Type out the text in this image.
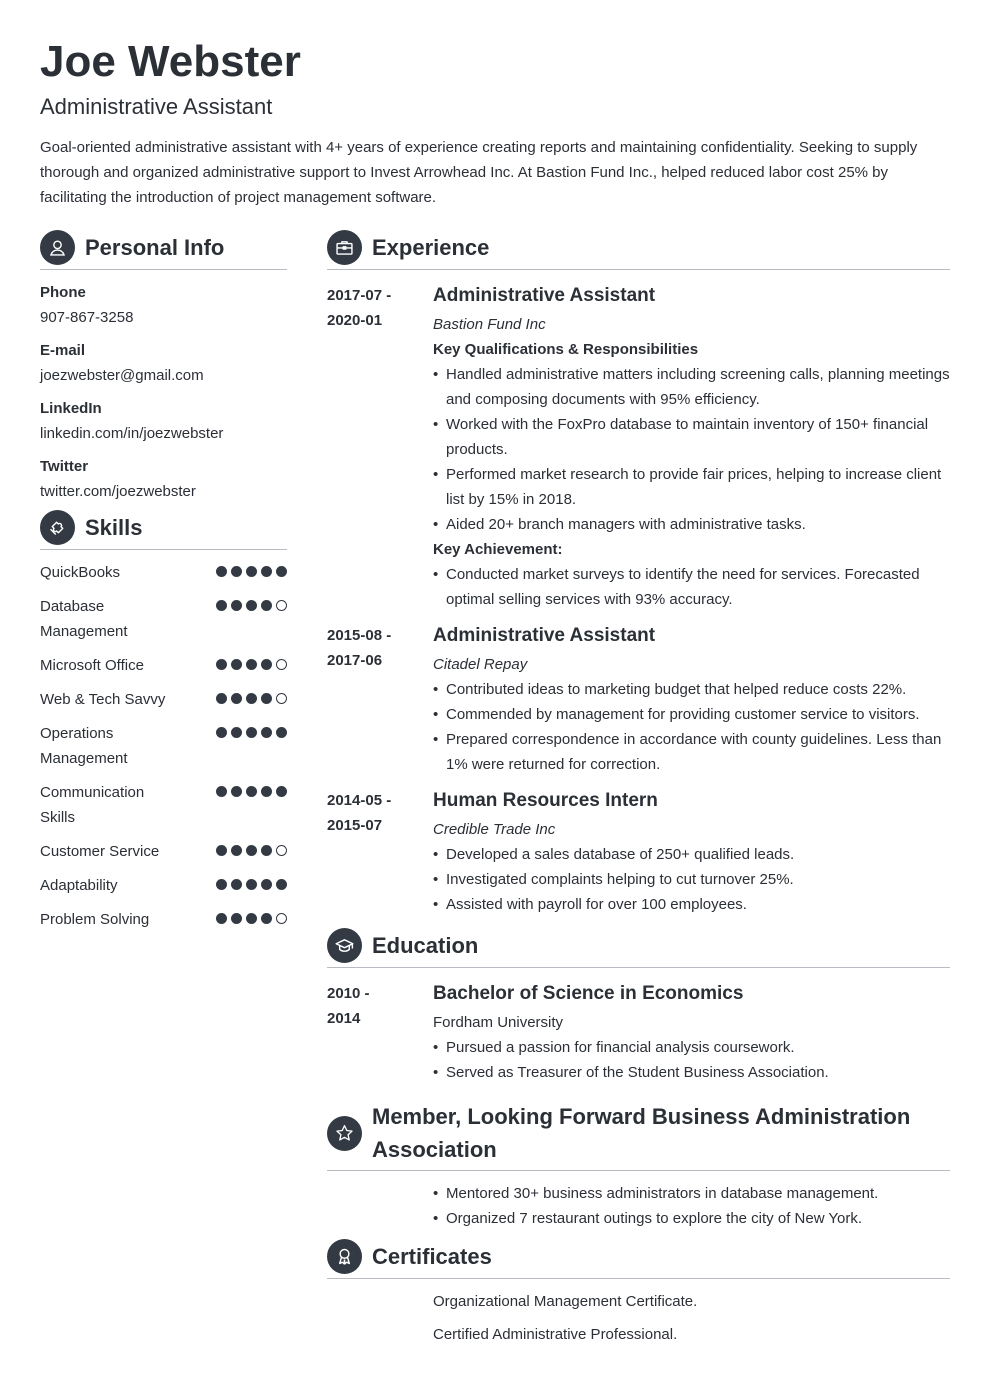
Joe Webster
Administrative Assistant

Goal-oriented administrative assistant with 4+ years of experience creating reports and maintaining confidentiality. Seeking to supply thorough and organized administrative support to Invest Arrowhead Inc. At Bastion Fund Inc., helped reduced labor cost 25% by facilitating the introduction of project management software.

Personal Info

Phone

907-867-3258

E-mail

joezwebster@gmail.com

LinkedIn

linkedin.com/in/joezwebster

Twitter

twitter.com/joezwebster

Skills
QuickBooks
Database Management
Microsoft Office
Web & Tech Savvy
Operations Management
Communication Skills
Customer Service
Adaptability
Problem Solving
Experience
2017-07 -
2020-01
Administrative Assistant
Bastion Fund Inc
Key Qualifications & Responsibilities
• Handled administrative matters including screening calls, planning meetings and composing documents with 95% efficiency.
• Worked with the FoxPro database to maintain inventory of 150+ financial products.
• Performed market research to provide fair prices, helping to increase client list by 15% in 2018.
• Aided 20+ branch managers with administrative tasks.
Key Achievement:
• Conducted market surveys to identify the need for services. Forecasted optimal selling services with 93% accuracy.
2015-08 -
2017-06
Administrative Assistant
Citadel Repay
• Contributed ideas to marketing budget that helped reduce costs 22%.
• Commended by management for providing customer service to visitors.
• Prepared correspondence in accordance with county guidelines. Less than 1% were returned for correction.
2014-05 -
2015-07
Human Resources Intern
Credible Trade Inc
• Developed a sales database of 250+ qualified leads.
• Investigated complaints helping to cut turnover 25%.
• Assisted with payroll for over 100 employees.
Education
2010 -
2014
Bachelor of Science in Economics
Fordham University
• Pursued a passion for financial analysis coursework.
• Served as Treasurer of the Student Business Association.
Member, Looking Forward Business Administration Association
• Mentored 30+ business administrators in database management.
• Organized 7 restaurant outings to explore the city of New York.
Certificates

Organizational Management Certificate.

Certified Administrative Professional.
